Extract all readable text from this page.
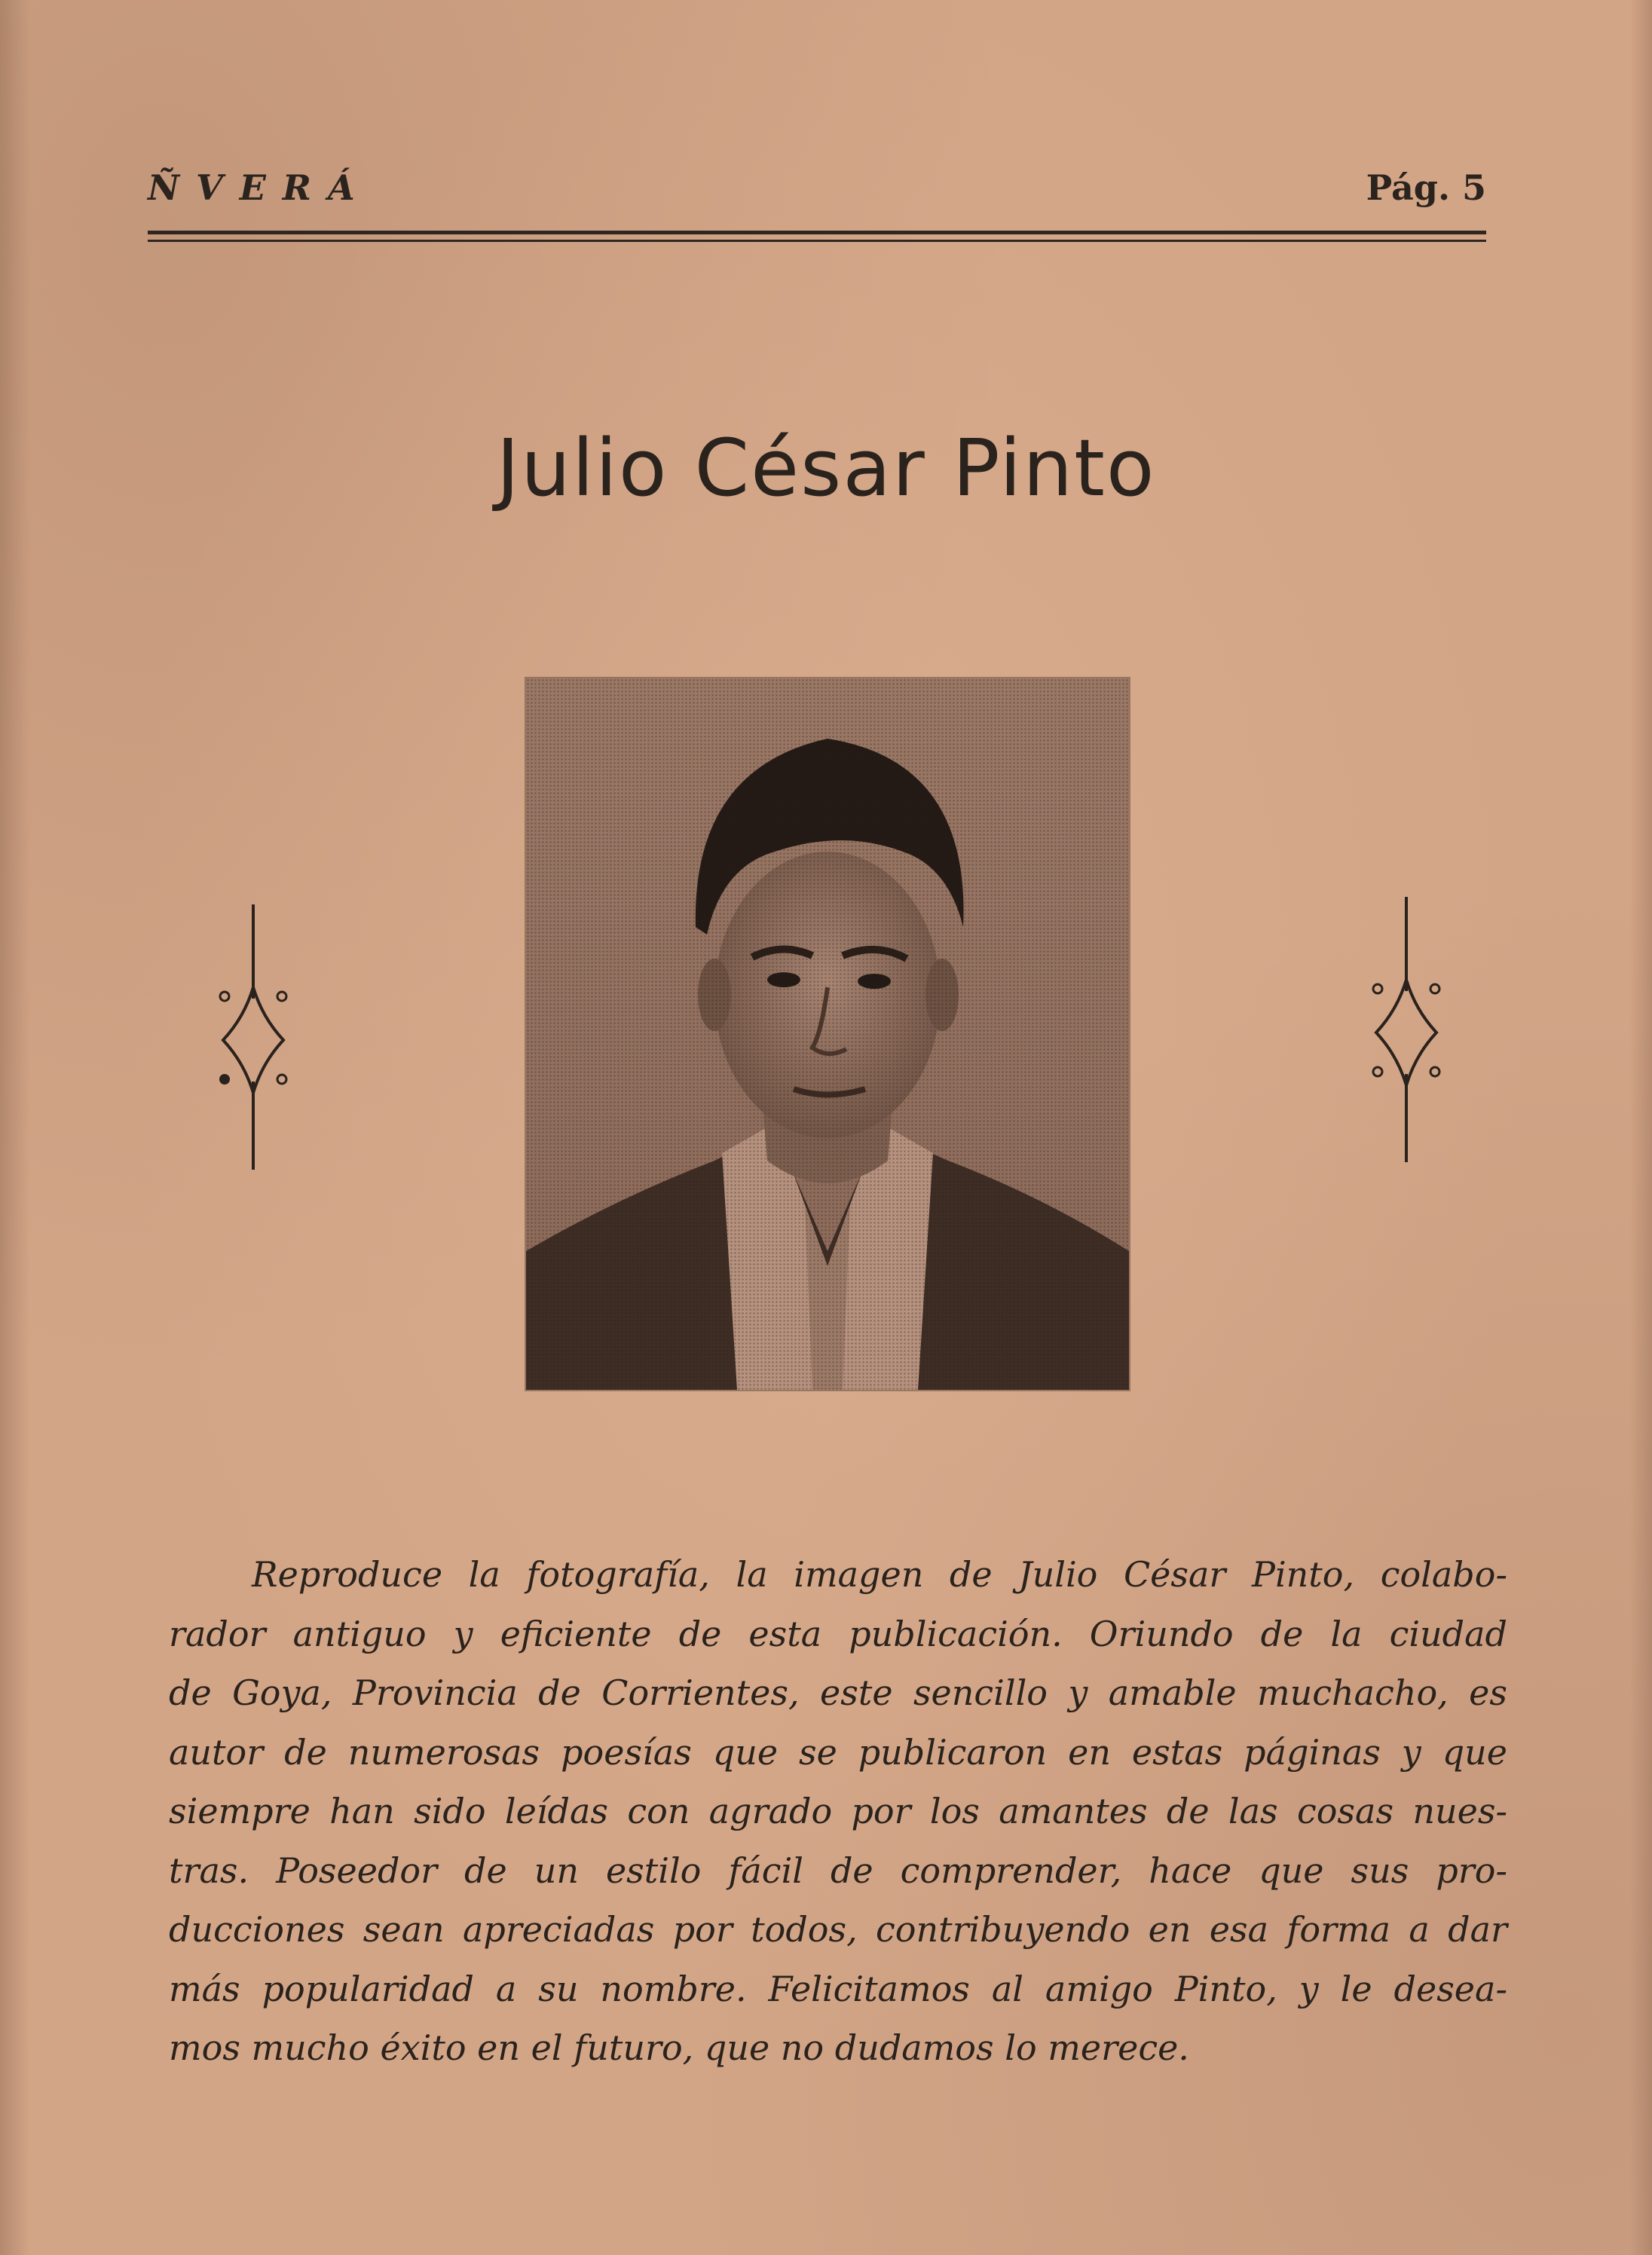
ÑVERÁ	Pág. 5
Julio César Pinto
Reproduce la fotografía, la imagen de Julio César Pinto, colabo-
rador antiguo y eficiente de esta publicación. Oriundo de la ciudad
de Goya, Provincia de Corrientes, este sencillo y amable muchacho, es
autor de numerosas poesías que se publicaron en estas páginas y que
siempre han sido leídas con agrado por los amantes de las cosas nues-
tras. Poseedor de un estilo fácil de comprender, hace que sus pro-
ducciones sean apreciadas por todos, contribuyendo en esa forma a dar
más popularidad a su nombre. Felicitamos al amigo Pinto, y le desea-
mos mucho éxito en el futuro, que no dudamos lo merece.
